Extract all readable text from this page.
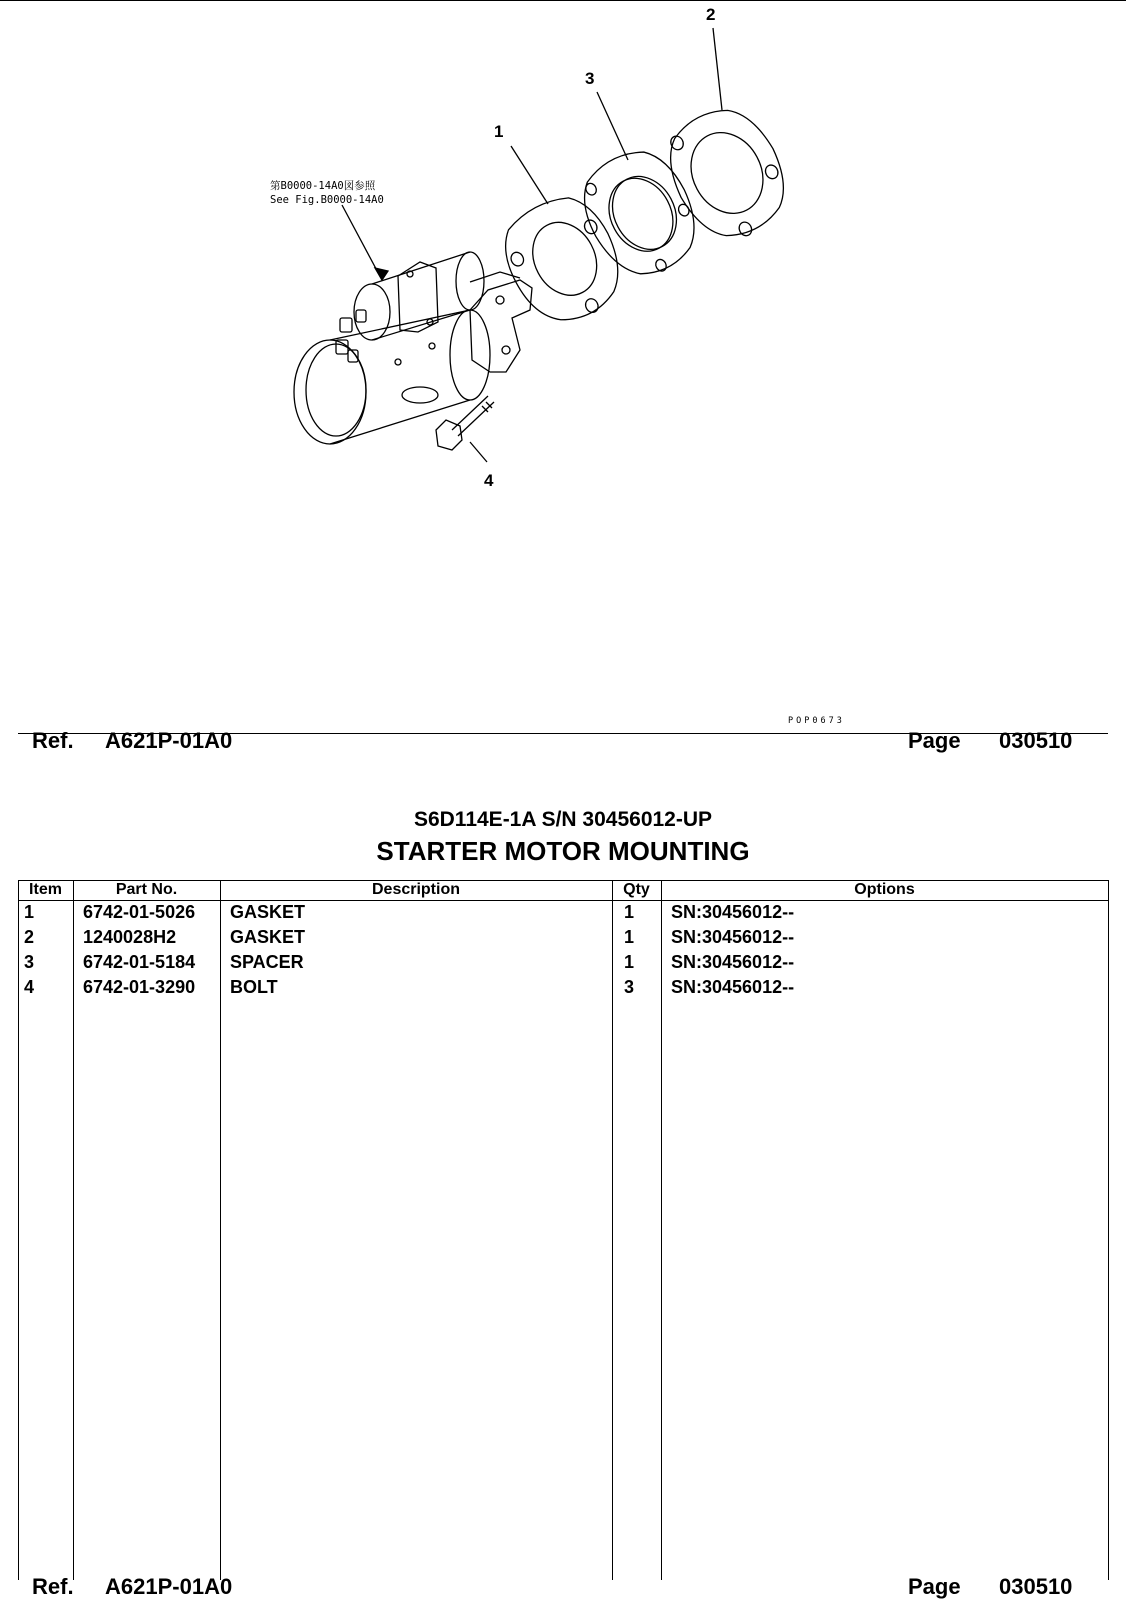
2
3
1
4
第B0000-14A0図参照
See Fig.B0000-14A0
POP0673
Ref. A621P-01A0	Page 030510
S6D114E-1A S/N 30456012-UP
STARTER MOTOR MOUNTING
Item	Part No.	Description	Qty	Options
1	6742-01-5026 GASKET	1 SN:30456012--
2	1240028H2	GASKET	1 SN:30456012--
3	6742-01-5184 SPACER	1 SN:30456012--
4	6742-01-3290 BOLT	3 SN:30456012--
Ref. A621P-01A0	Page 030510
